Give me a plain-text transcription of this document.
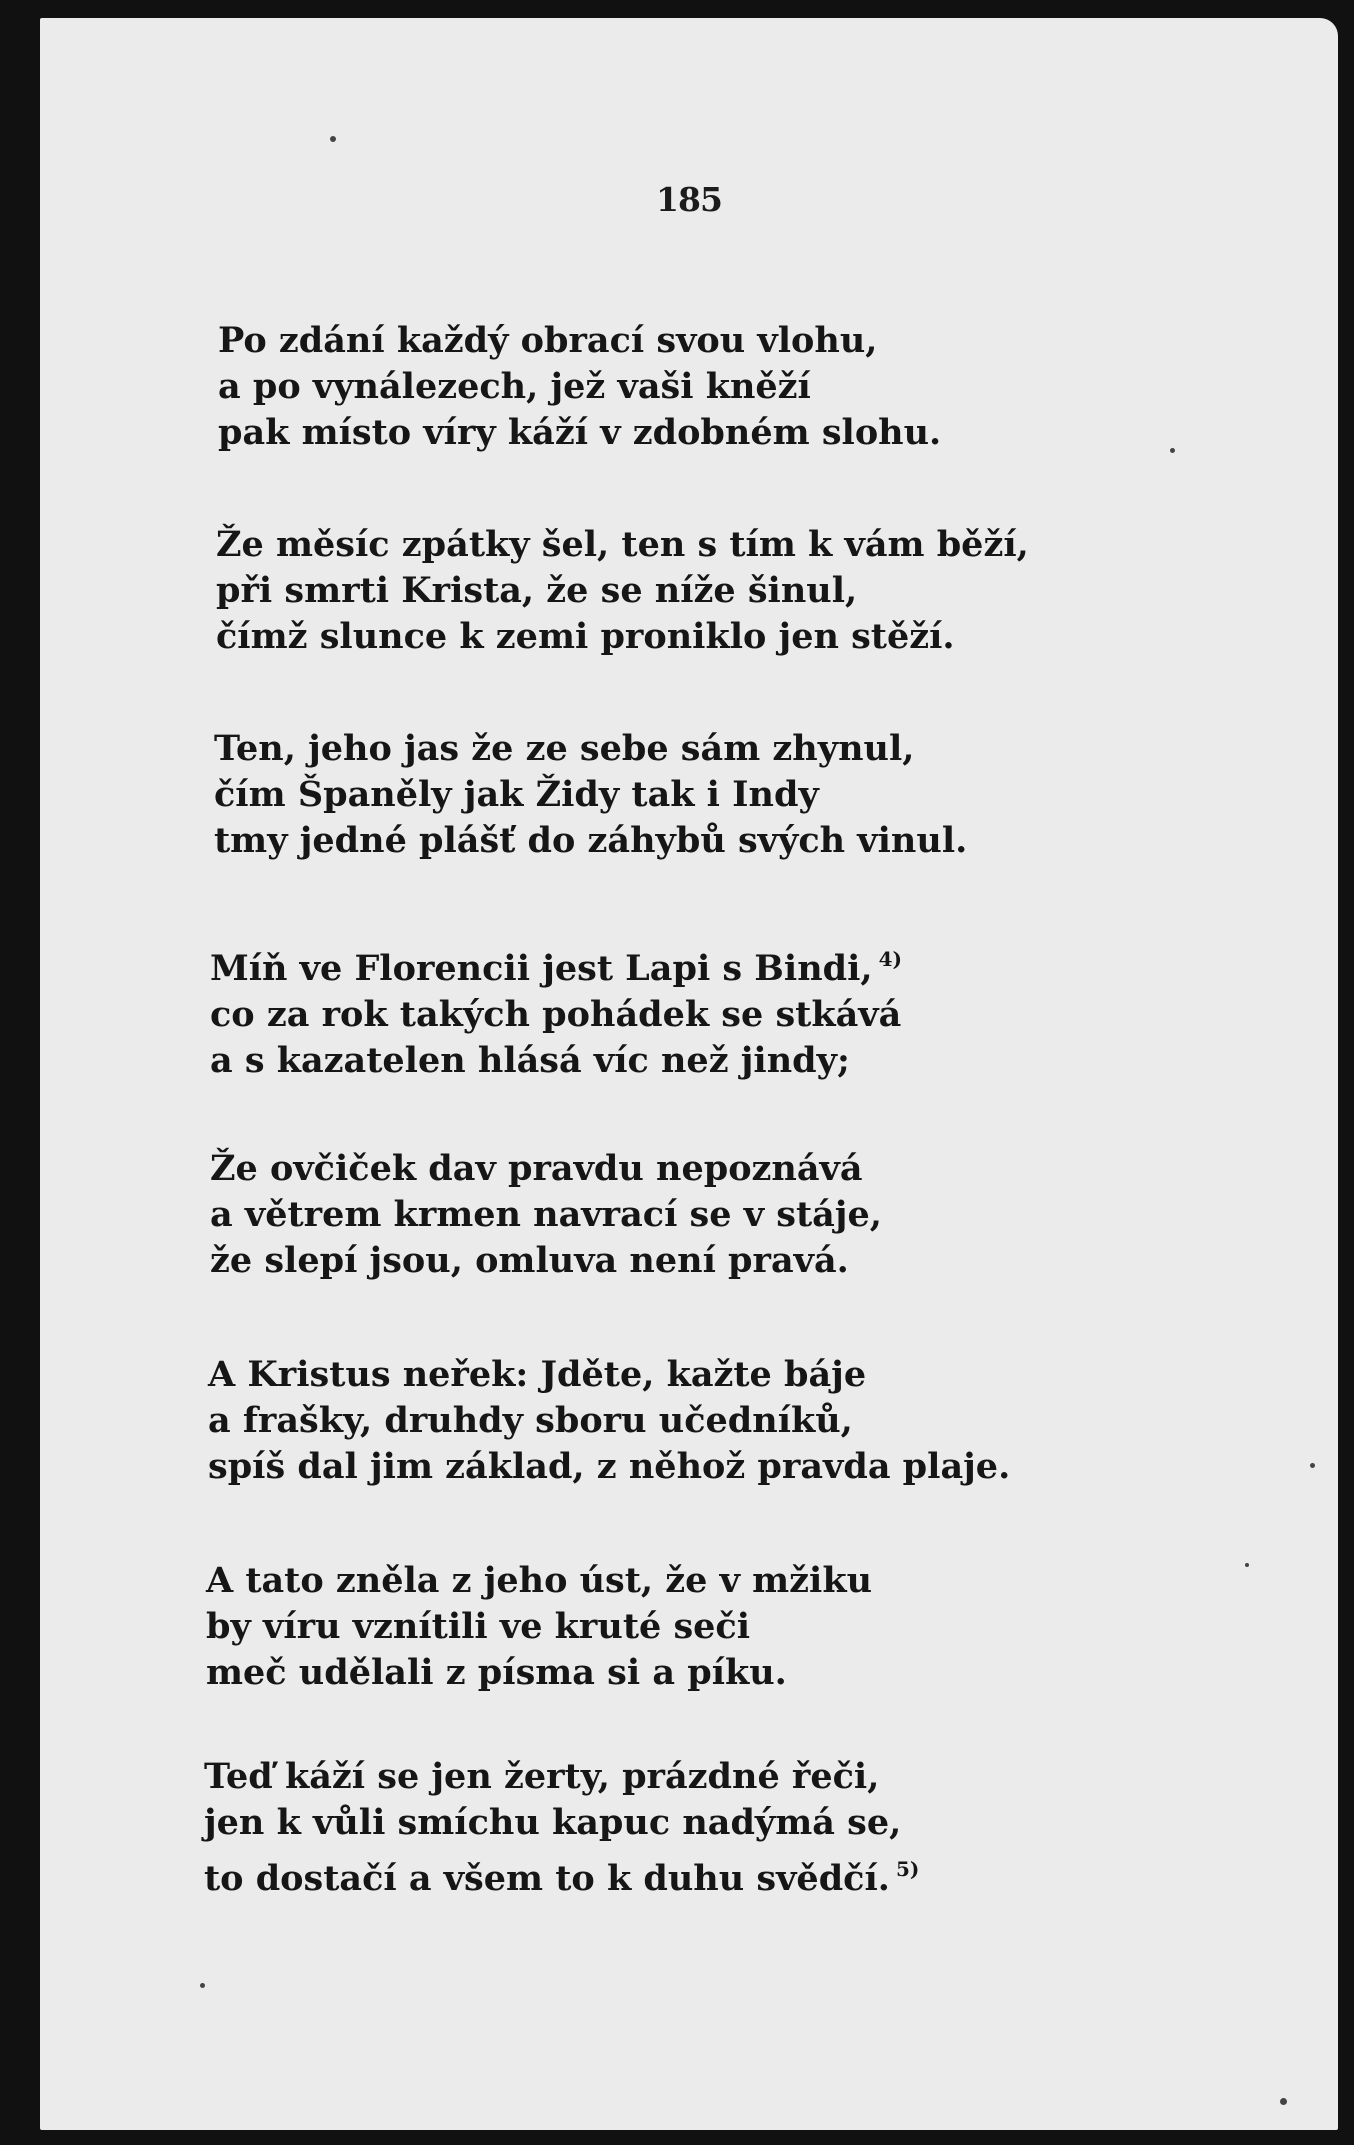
185
Po zdání každý obrací svou vlohu,
a po vynálezech, jež vaši kněží
pak místo víry káží v zdobném slohu.
Že měsíc zpátky šel, ten s tím k vám běží,
při smrti Krista, že se níže šinul,
čímž slunce k zemi proniklo jen stěží.
Ten, jeho jas že ze sebe sám zhynul,
čím Španěly jak Židy tak i Indy
tmy jedné plášť do záhybů svých vinul.
Míň ve Florencii jest Lapi s Bindi, $^{4)}$
co za rok takých pohádek se stkává
a s kazatelen hlásá víc než jindy;
Že ovčiček dav pravdu nepoznává
a větrem krmen navrací se v stáje,
že slepí jsou, omluva není pravá.
A Kristus neřek: Jděte, kažte báje
a frašky, druhdy sboru učedníků,
spíš dal jim základ, z něhož pravda plaje.
A tato zněla z jeho úst, že v mžiku
by víru vznítili ve kruté seči
meč udělali z písma si a píku.
Teď káží se jen žerty, prázdné řeči,
jen k vůli smíchu kapuc nadýmá se,
to dostačí a všem to k duhu svědčí. $^{5)}$
